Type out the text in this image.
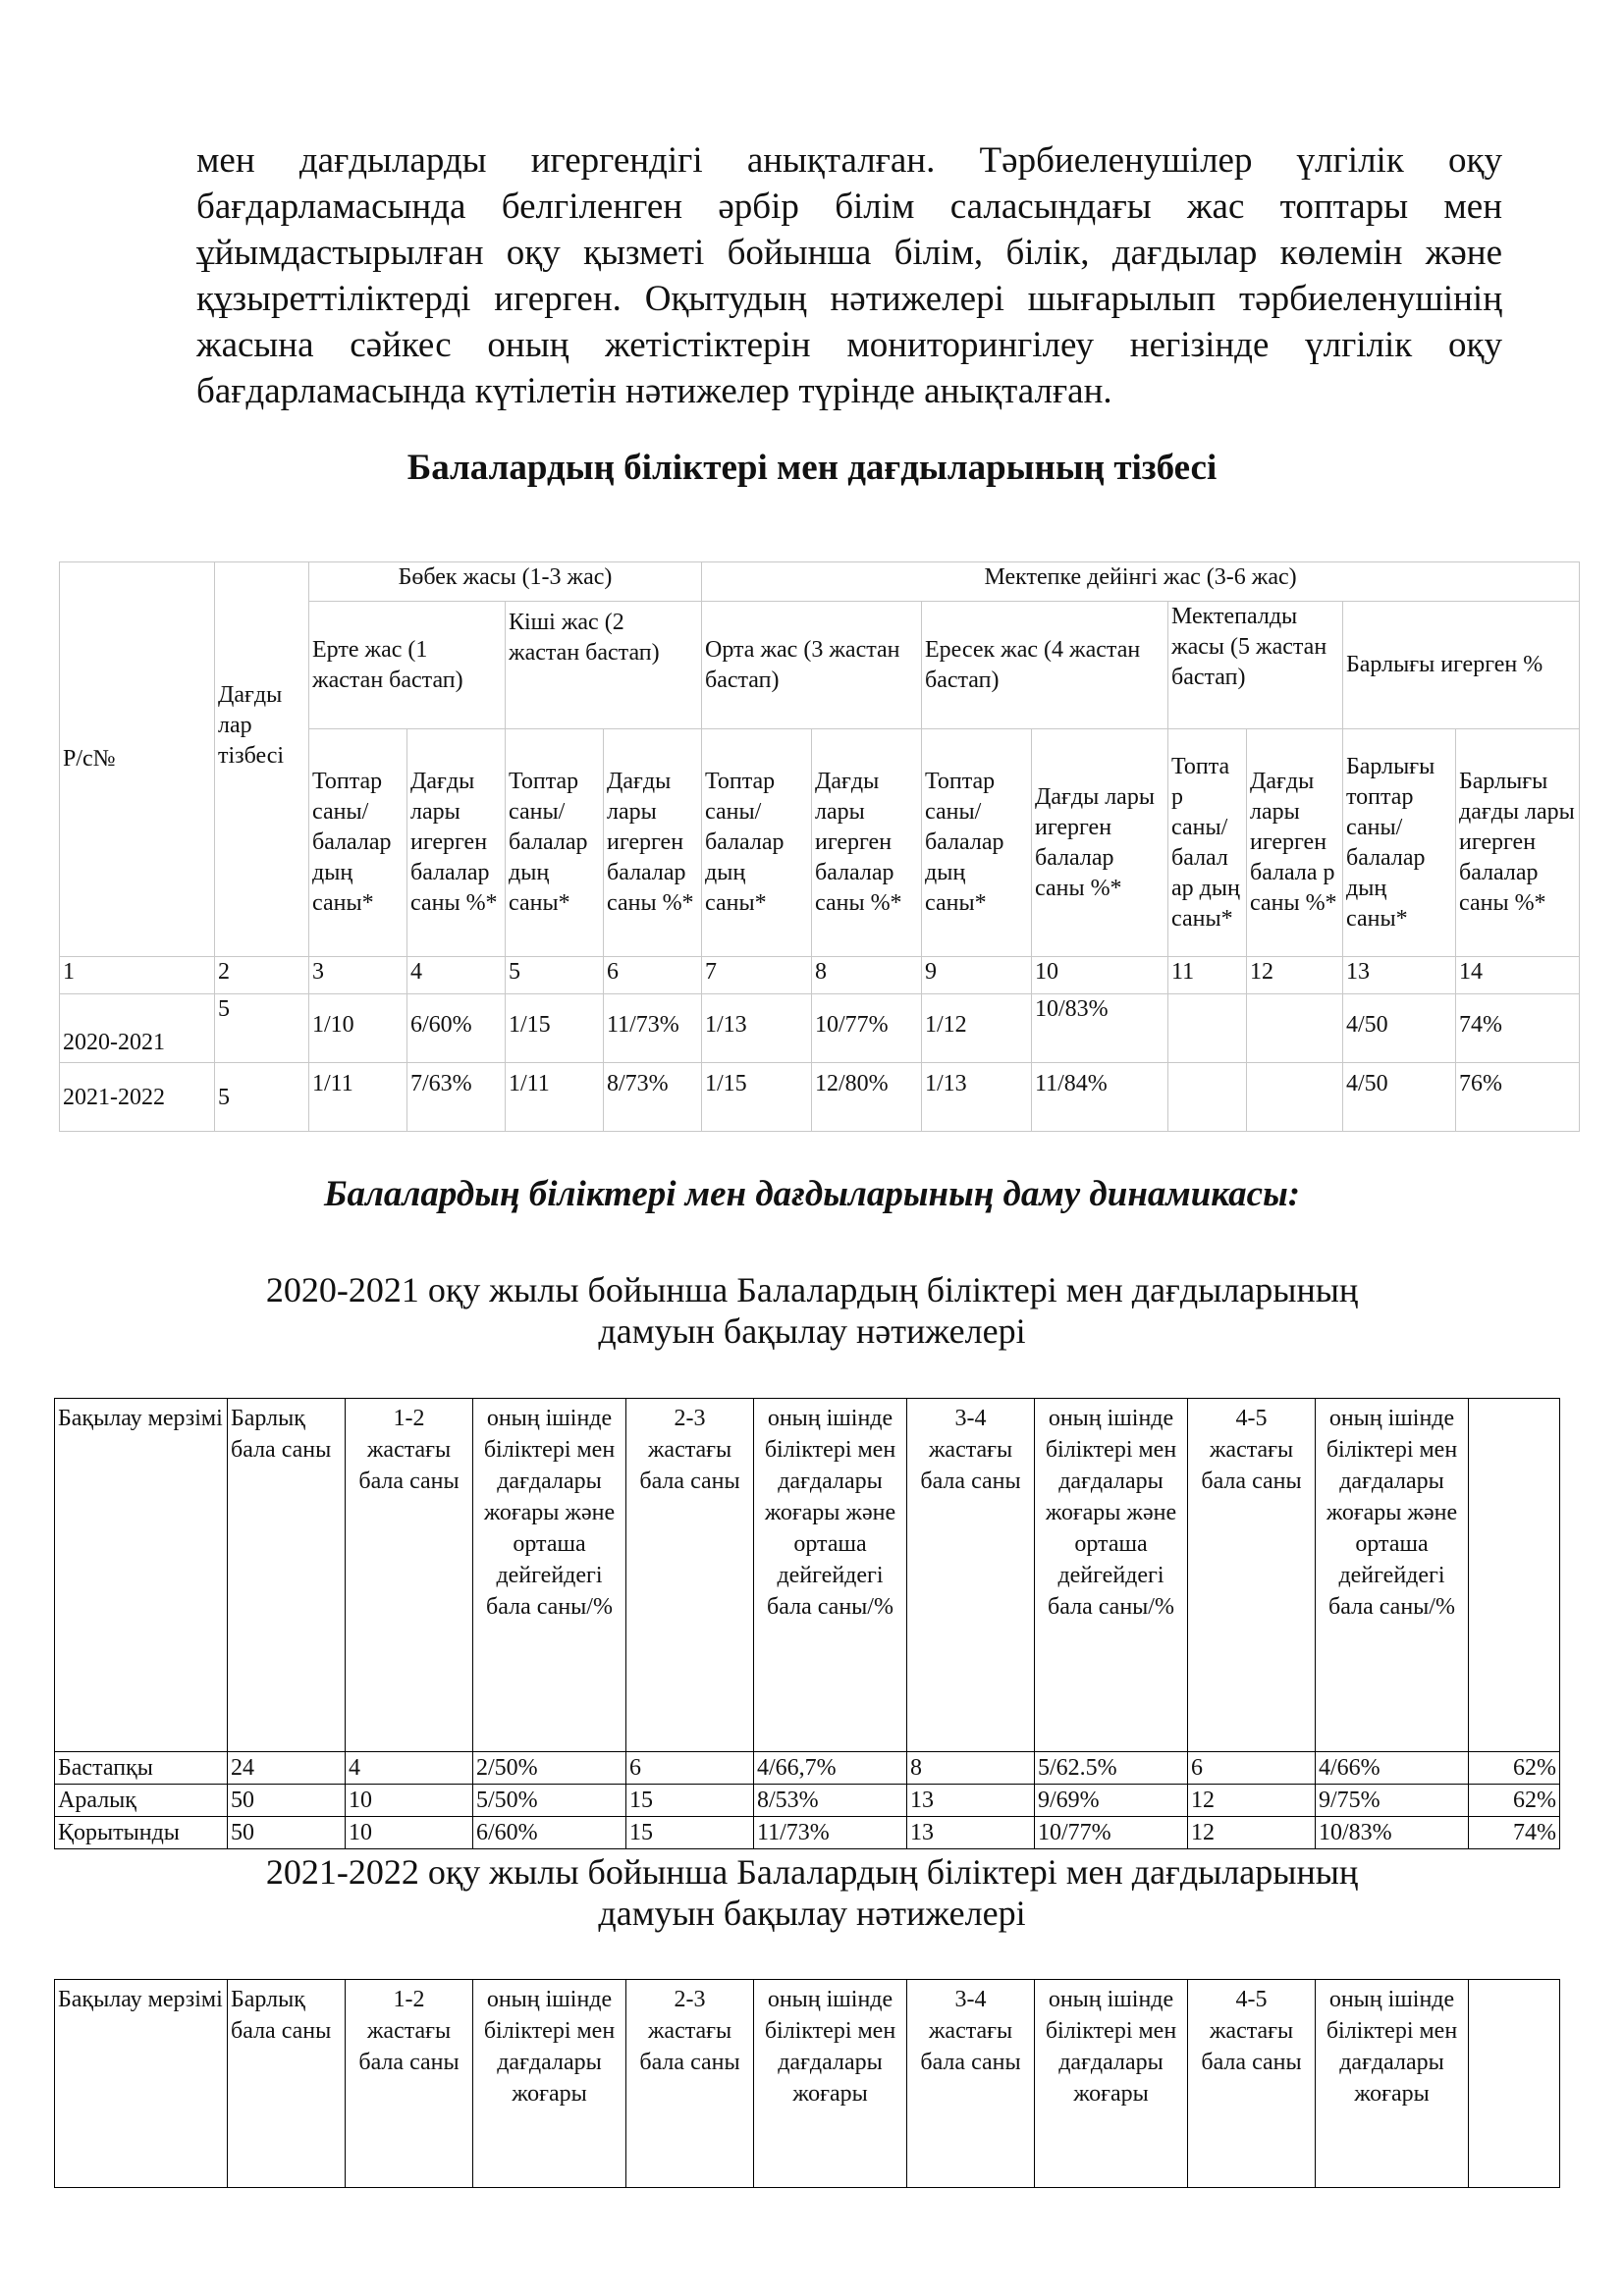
мен дағдыларды игергендігі анықталған. Тәрбиеленушілер үлгілік оқу бағдарламасында белгіленген әрбір білім саласындағы жас топтары мен ұйымдастырылған оқу қызметі бойынша білім, білік, дағдылар көлемін және құзыреттіліктерді игерген. Оқытудың нәтижелері шығарылып тәрбиеленушінің жасына сәйкес оның жетістіктерін мониторингілеу негізінде үлгілік оқу бағдарламасында күтілетін нәтижелер түрінде анықталған.

Балалардың біліктері мен дағдыларының тізбесі
Р/с№	Дағды лар тізбесі	Бөбек жасы (1-3 жас)				Мектепке дейінгі жас (3-6 жас)							
		Ерте жас (1 жастан бастап)		Кіші жас (2 жастан бастап)		Орта жас (3 жастан бастап)		Ересек жас (4 жастан бастап)		Мектепалды жасы (5 жастан бастап)		Барлығы игерген %	
		Топтар саны/ балалар дың саны*	Дағды лары игерген балалар саны %*	Топтар саны/ балалар дың саны*	Дағды лары игерген балалар саны %*	Топтар саны/ балалар дың саны*	Дағды лары игерген балалар саны %*	Топтар саны/ балалар дың саны*	Дағды лары игерген балалар саны %*	Топта р саны/ балал ар дың саны*	Дағды лары игерген балала р саны %*	Барлығы топтар саны/ балалар дың саны*	Барлығы дағды лары игерген балалар саны %*
1	2	3	4	5	6	7	8	9	10	11	12	13	14
2020-2021	5	1/10	6/60%	1/15	11/73%	1/13	10/77%	1/12	10/83%			4/50	74%
2021-2022	5	1/11	7/63%	1/11	8/73%	1/15	12/80%	1/13	11/84%			4/50	76%
Балалардың біліктері мен дағдыларының даму динамикасы:

2020-2021 оқу жылы бойынша Балалардың біліктері мен дағдыларының
дамуын бақылау нәтижелері

Бақылау мерзімі	Барлық бала саны	1-2 жастағы бала саны	оның ішінде біліктері мен дағдалары жоғары және орташа дейгейдегі бала саны/%	2-3 жастағы бала саны	оның ішінде біліктері мен дағдалары жоғары және орташа дейгейдегі бала саны/%	3-4 жастағы бала саны	оның ішінде біліктері мен дағдалары жоғары және орташа дейгейдегі бала саны/%	4-5 жастағы бала саны	оның ішінде біліктері мен дағдалары жоғары және орташа дейгейдегі бала саны/%	
Бастапқы	24	4	2/50%	6	4/66,7%	8	5/62.5%	6	4/66%	62%
Аралық	50	10	5/50%	15	8/53%	13	9/69%	12	9/75%	62%
Қорытынды	50	10	6/60%	15	11/73%	13	10/77%	12	10/83%	74%

2021-2022 оқу жылы бойынша Балалардың біліктері мен дағдыларының
дамуын бақылау нәтижелері

Бақылау мерзімі	Барлық бала саны	1-2 жастағы бала саны	оның ішінде біліктері мен дағдалары жоғары	2-3 жастағы бала саны	оның ішінде біліктері мен дағдалары жоғары	3-4 жастағы бала саны	оның ішінде біліктері мен дағдалары жоғары	4-5 жастағы бала саны	оның ішінде біліктері мен дағдалары жоғары	
